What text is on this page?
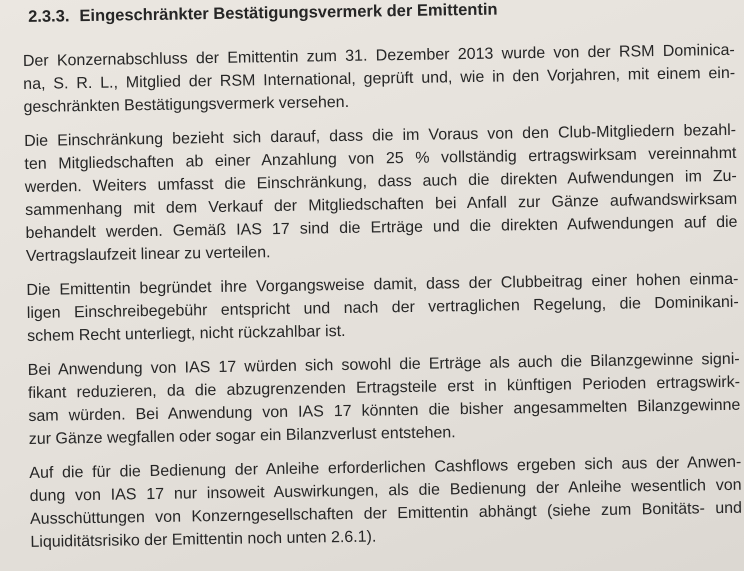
2.3.3. Eingeschränkter Bestätigungsvermerk der Emittentin
Der Konzernabschluss der Emittentin zum 31. Dezember 2013 wurde von der RSM Dominica-
na, S. R. L., Mitglied der RSM International, geprüft und, wie in den Vorjahren, mit einem ein-
geschränkten Bestätigungsvermerk versehen.
Die Einschränkung bezieht sich darauf, dass die im Voraus von den Club-Mitgliedern bezahl-
ten Mitgliedschaften ab einer Anzahlung von 25 % vollständig ertragswirksam vereinnahmt
werden. Weiters umfasst die Einschränkung, dass auch die direkten Aufwendungen im Zu-
sammenhang mit dem Verkauf der Mitgliedschaften bei Anfall zur Gänze aufwandswirksam
behandelt werden. Gemäß IAS 17 sind die Erträge und die direkten Aufwendungen auf die
Vertragslaufzeit linear zu verteilen.
Die Emittentin begründet ihre Vorgangsweise damit, dass der Clubbeitrag einer hohen einma-
ligen Einschreibegebühr entspricht und nach der vertraglichen Regelung, die Dominikani-
schem Recht unterliegt, nicht rückzahlbar ist.
Bei Anwendung von IAS 17 würden sich sowohl die Erträge als auch die Bilanzgewinne signi-
fikant reduzieren, da die abzugrenzenden Ertragsteile erst in künftigen Perioden ertragswirk-
sam würden. Bei Anwendung von IAS 17 könnten die bisher angesammelten Bilanzgewinne
zur Gänze wegfallen oder sogar ein Bilanzverlust entstehen.
Auf die für die Bedienung der Anleihe erforderlichen Cashflows ergeben sich aus der Anwen-
dung von IAS 17 nur insoweit Auswirkungen, als die Bedienung der Anleihe wesentlich von
Ausschüttungen von Konzerngesellschaften der Emittentin abhängt (siehe zum Bonitäts- und
Liquiditätsrisiko der Emittentin noch unten 2.6.1).
